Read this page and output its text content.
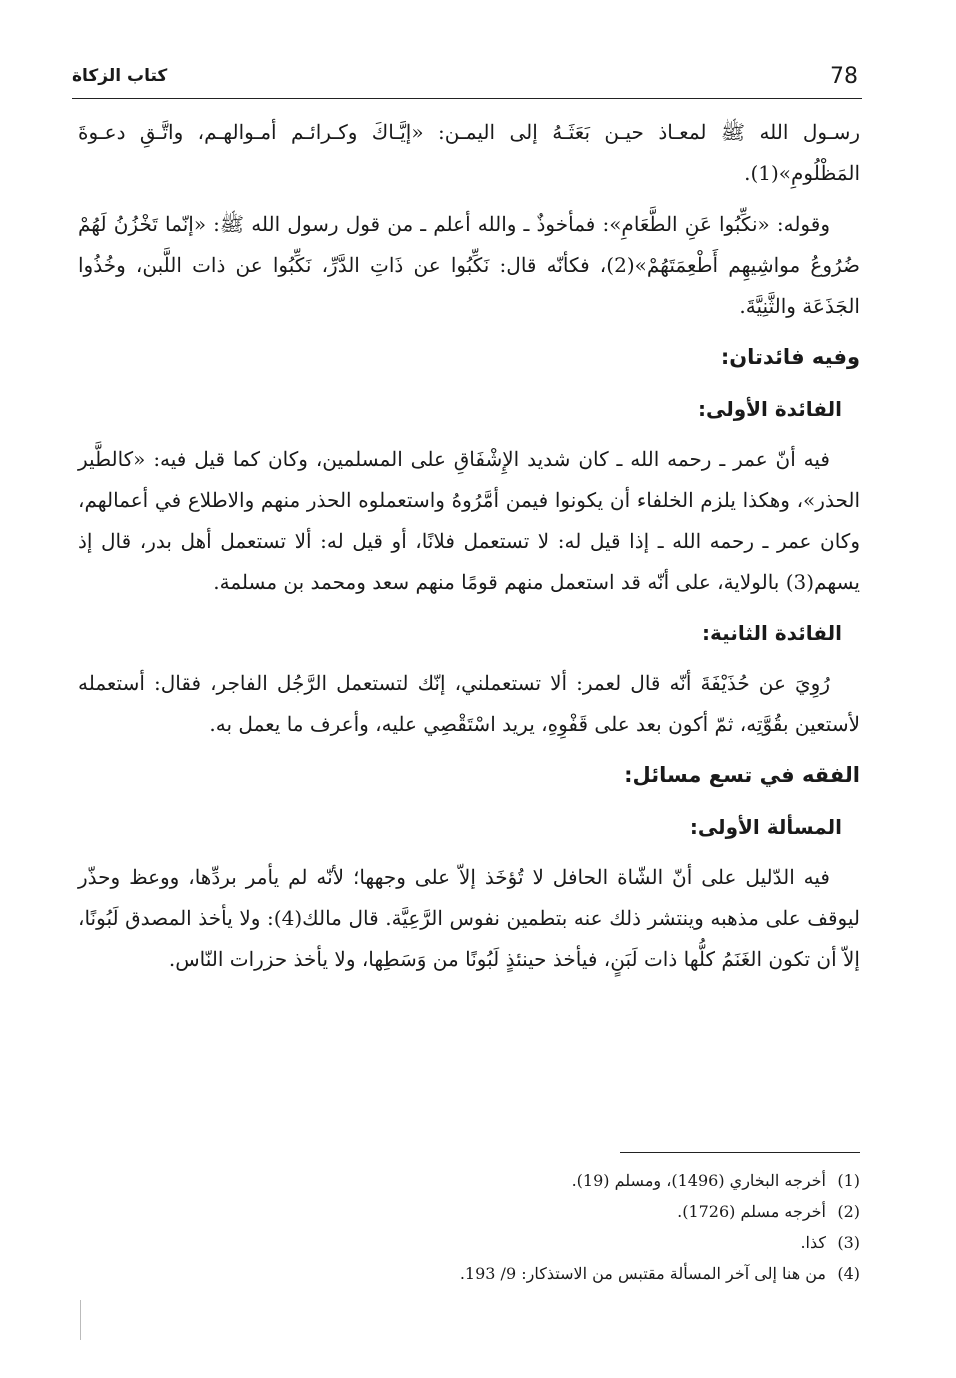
78
كتاب الزكاة

رسـول الله ﷺ لمعـاذ حيـن بَعَثَـهُ إلى اليمـن: «إيَّـاكَ وكـرائـم أمـوالهـم، واتَّـقِ دعـوةَ المَظْلُومِ»(1).

وقوله: «نكِّبُوا عَنِ الطَّعَامِ»: فمأخوذٌ ـ والله أعلم ـ من قول رسول الله ﷺ: «إنّما تَخْزُنُ لَهُمْ ضُرُوعُ مواشِيهِم أَطْعِمَتَهُمْ»(2)، فكأنّه قال: نَكِّبُوا عن ذَاتِ الدَّرِّ، نَكِّبُوا عن ذات اللَّبن، وخُذُوا الجَذَعَة والثَّنِيَّةَ.

وفيه فائدتان:
الفائدة الأولى:

فيه أنّ عمر ـ رحمه الله ـ كان شديد الإِشْفَاقِ على المسلمين، وكان كما قيل فيه: «كالطَّير الحذر»، وهكذا يلزم الخلفاء أن يكونوا فيمن أمَّرُوهُ واستعملوه الحذر منهم والاطلاع في أعمالهم، وكان عمر ـ رحمه الله ـ إذا قيل له: لا تستعمل فلانًا، أو قيل له: ألا تستعمل أهل بدر، قال إذ يسهم(3) بالولاية، على أنّه قد استعمل منهم قومًا منهم سعد ومحمد بن مسلمة.

الفائدة الثانية:

رُوِيَ عن حُذَيْفَةَ أنّه قال لعمر: ألا تستعملني، إنّك لتستعمل الرَّجُل الفاجر، فقال: أستعمله لأستعين بقُوَّتِه، ثمّ أكون بعد على قَفْوِهِ، يريد اسْتَقْصِي عليه، وأعرف ما يعمل به.

الفقه في تسع مسائل:
المسألة الأولى:

فيه الدّليل على أنّ الشّاة الحافل لا تُؤخَذ إلاّ على وجهها؛ لأنّه لم يأمر بردِّها، ووعظ وحذّر ليوقف على مذهبه وينتشر ذلك عنه بتطمين نفوس الرَّعِيَّة. قال مالك(4): ولا يأخذ المصدق لَبُونًا، إلاّ أن تكون الغَنَمُ كلُّها ذات لَبَنٍ، فيأخذ حينئذٍ لَبُونًا من وَسَطِها، ولا يأخذ حزرات النّاس.

(1)أخرجه البخاري (1496)، ومسلم (19).
(2)أخرجه مسلم (1726).
(3)كذا.
(4)من هنا إلى آخر المسألة مقتبس من الاستذكار: 9/ 193.
